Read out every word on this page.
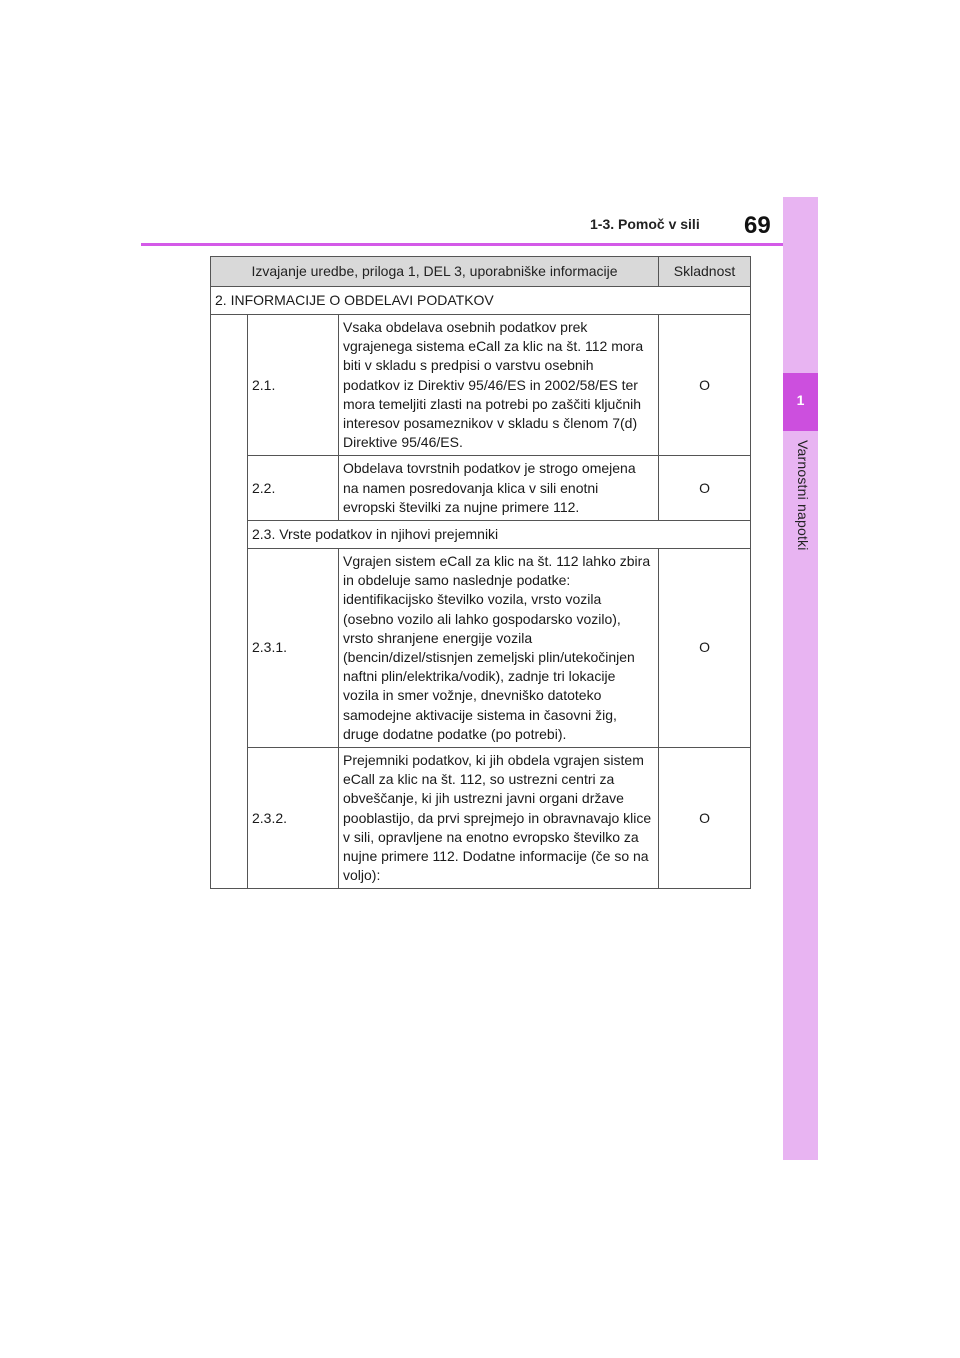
1
Varnostni napotki
1-3. Pomoč v sili 69
Izvajanje uredbe, priloga 1, DEL 3, uporabniške informacije			Skladnost
2. INFORMACIJE O OBDELAVI PODATKOV			
	2.1.	Vsaka obdelava osebnih podatkov prek vgrajenega sistema eCall za klic na št. 112 mora biti v skladu s predpisi o varstvu osebnih podatkov iz Direktiv 95/46/ES in 2002/58/ES ter mora temeljiti zlasti na potrebi po zaščiti ključnih interesov posameznikov v skladu s členom 7(d) Direktive 95/46/ES.	O
	2.2.	Obdelava tovrstnih podatkov je strogo omejena na namen posredovanja klica v sili enotni evropski številki za nujne primere 112.	O
	2.3. Vrste podatkov in njihovi prejemniki		
	2.3.1.	Vgrajen sistem eCall za klic na št. 112 lahko zbira in obdeluje samo naslednje podatke: identifikacijsko številko vozila, vrsto vozila (osebno vozilo ali lahko gospodarsko vozilo), vrsto shranjene energije vozila (bencin/dizel/stisnjen zemeljski plin/utekočinjen naftni plin/elektrika/vodik), zadnje tri lokacije vozila in smer vožnje, dnevniško datoteko samodejne aktivacije sistema in časovni žig, druge dodatne podatke (po potrebi).	O
	2.3.2.	Prejemniki podatkov, ki jih obdela vgrajen sistem eCall za klic na št. 112, so ustrezni centri za obveščanje, ki jih ustrezni javni organi države pooblastijo, da prvi sprejmejo in obravnavajo klice v sili, opravljene na enotno evropsko številko za nujne primere 112. Dodatne informacije (če so na voljo):	O
